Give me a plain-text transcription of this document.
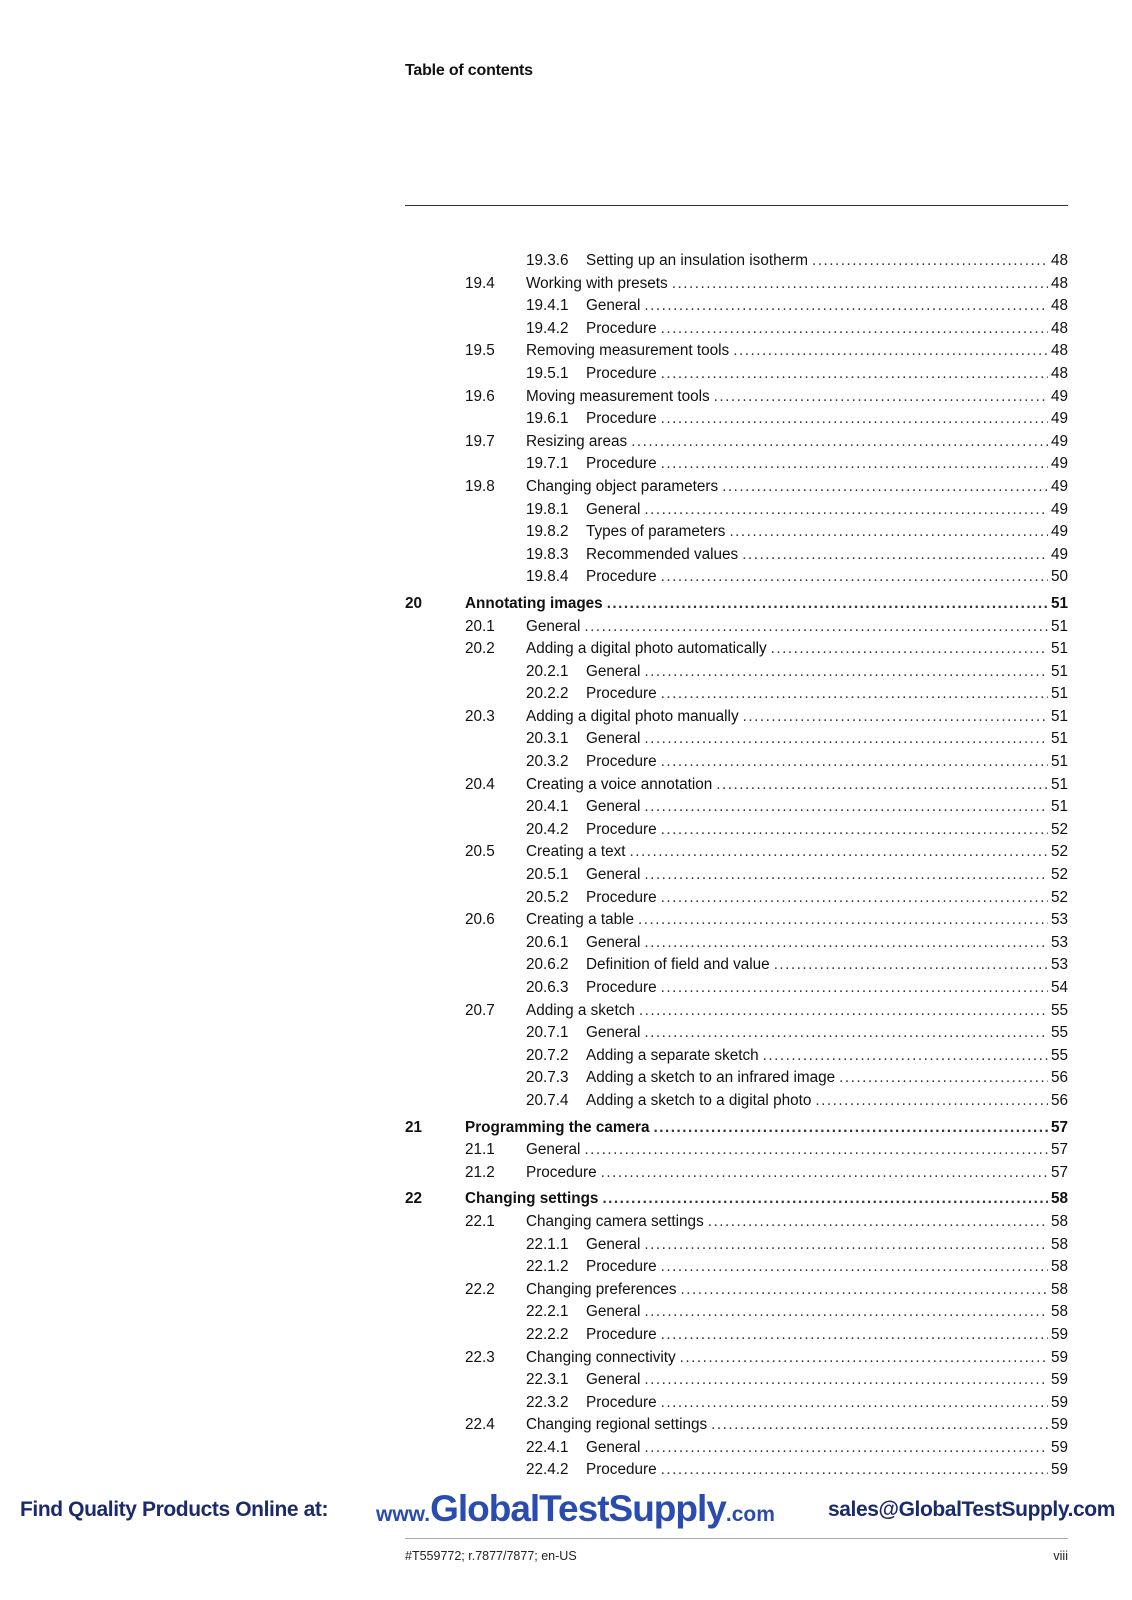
Table of contents
19.3.6 Setting up an insulation isotherm .....	48
19.4 Working with presets .....	48
19.4.1 General .....	48
19.4.2 Procedure .....	48
19.5 Removing measurement tools .....	48
19.5.1 Procedure .....	48
19.6 Moving measurement tools .....	49
19.6.1 Procedure .....	49
19.7 Resizing areas .....	49
19.7.1 Procedure .....	49
19.8 Changing object parameters .....	49
19.8.1 General .....	49
19.8.2 Types of parameters .....	49
19.8.3 Recommended values .....	49
19.8.4 Procedure .....	50
20	Annotating images .....	51
20.1 General .....	51
20.2 Adding a digital photo automatically .....	51
20.2.1 General .....	51
20.2.2 Procedure .....	51
20.3 Adding a digital photo manually .....	51
20.3.1 General .....	51
20.3.2 Procedure .....	51
20.4 Creating a voice annotation .....	51
20.4.1 General .....	51
20.4.2 Procedure .....	52
20.5 Creating a text .....	52
20.5.1 General .....	52
20.5.2 Procedure .....	52
20.6 Creating a table .....	53
20.6.1 General .....	53
20.6.2 Definition of field and value .....	53
20.6.3 Procedure .....	54
20.7 Adding a sketch .....	55
20.7.1 General .....	55
20.7.2 Adding a separate sketch .....	55
20.7.3 Adding a sketch to an infrared image .....	56
20.7.4 Adding a sketch to a digital photo .....	56
21	Programming the camera .....	57
21.1 General .....	57
21.2 Procedure .....	57
22	Changing settings .....	58
22.1 Changing camera settings .....	58
22.1.1 General .....	58
22.1.2 Procedure .....	58
22.2 Changing preferences .....	58
22.2.1 General .....	58
22.2.2 Procedure .....	59
22.3 Changing connectivity .....	59
22.3.1 General .....	59
22.3.2 Procedure .....	59
22.4 Changing regional settings .....	59
22.4.1 General .....	59
22.4.2 Procedure .....	59
Find Quality Products Online at: www.GlobalTestSupply.com	sales@GlobalTestSupply.com
#T559772; r.7877/7877; en-US	viii
